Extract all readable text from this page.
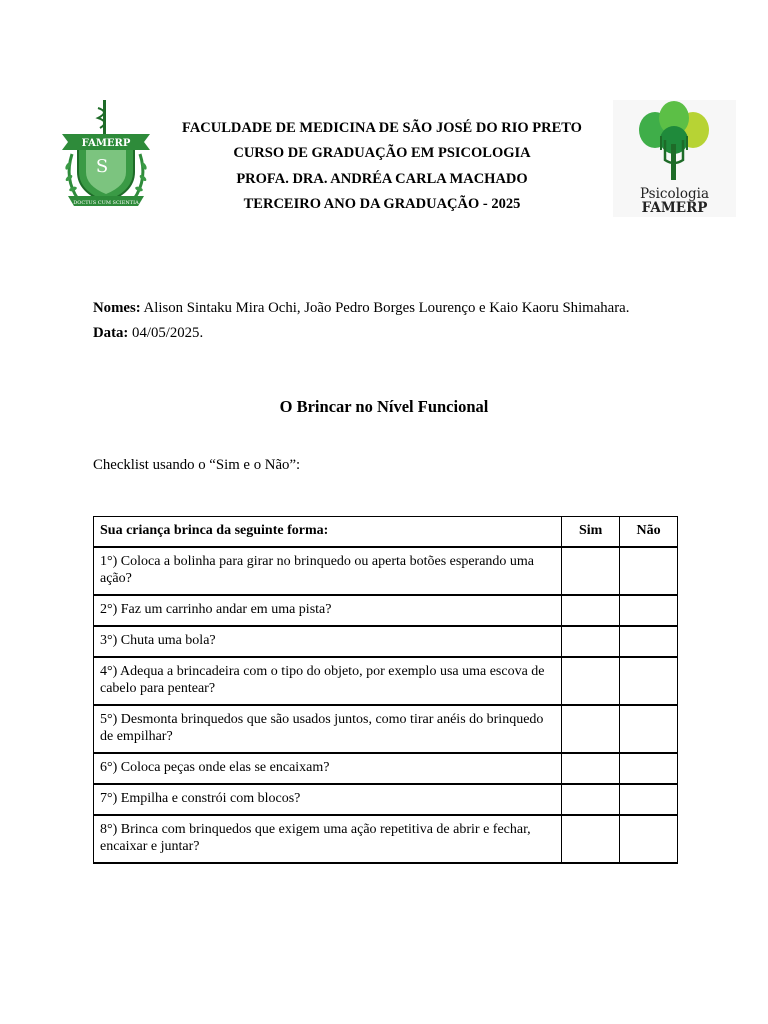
FAMERP
S
DOCTUS CUM SCIENTIA
FACULDADE DE MEDICINA DE SÃO JOSÉ DO RIO PRETO
CURSO DE GRADUAÇÃO EM PSICOLOGIA
PROFA. DRA. ANDRÉA CARLA MACHADO
TERCEIRO ANO DA GRADUAÇÃO - 2025
Psicologia
FAMERP
Nomes: Alison Sintaku Mira Ochi, João Pedro Borges Lourenço e Kaio Kaoru Shimahara.
Data: 04/05/2025.
O Brincar no Nível Funcional
Checklist usando o “Sim e o Não”:
Sua criança brinca da seguinte forma:	Sim	Não
1°) Coloca a bolinha para girar no brinquedo ou aperta botões esperando uma ação?		
2°) Faz um carrinho andar em uma pista?		
3°) Chuta uma bola?		
4°) Adequa a brincadeira com o tipo do objeto, por exemplo usa uma escova de cabelo para pentear?		
5°) Desmonta brinquedos que são usados juntos, como tirar anéis do brinquedo de empilhar?		
6°) Coloca peças onde elas se encaixam?		
7°) Empilha e constrói com blocos?		
8°) Brinca com brinquedos que exigem uma ação repetitiva de abrir e fechar, encaixar e juntar?		
